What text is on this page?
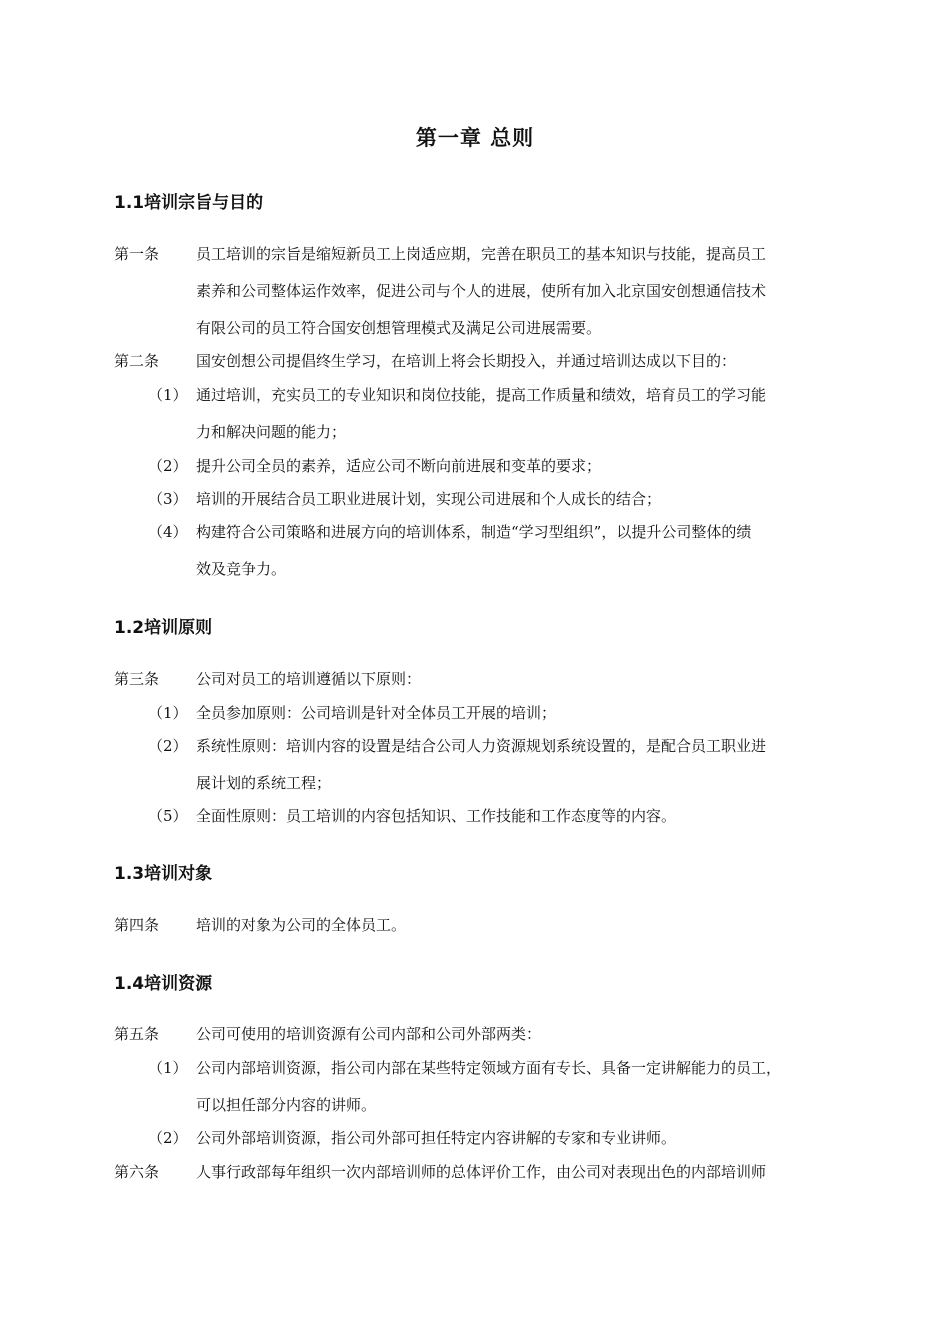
第一章 总则
1.1培训宗旨与目的
第一条 员工培训的宗旨是缩短新员工上岗适应期，完善在职员工的基本知识与技能，提高员工
素养和公司整体运作效率，促进公司与个人的进展，使所有加入北京国安创想通信技术
有限公司的员工符合国安创想管理模式及满足公司进展需要。
第二条 国安创想公司提倡终生学习，在培训上将会长期投入，并通过培训达成以下目的：
（1） 通过培训，充实员工的专业知识和岗位技能，提高工作质量和绩效，培育员工的学习能
力和解决问题的能力；
（2） 提升公司全员的素养，适应公司不断向前进展和变革的要求；
（3） 培训的开展结合员工职业进展计划，实现公司进展和个人成长的结合；
（4） 构建符合公司策略和进展方向的培训体系，制造“学习型组织”，以提升公司整体的绩
效及竞争力。
1.2培训原则
第三条 公司对员工的培训遵循以下原则：
（1） 全员参加原则：公司培训是针对全体员工开展的培训；
（2） 系统性原则：培训内容的设置是结合公司人力资源规划系统设置的，是配合员工职业进
展计划的系统工程；
（5） 全面性原则：员工培训的内容包括知识、工作技能和工作态度等的内容。
1.3培训对象
第四条 培训的对象为公司的全体员工。
1.4培训资源
第五条 公司可使用的培训资源有公司内部和公司外部两类：
（1） 公司内部培训资源，指公司内部在某些特定领域方面有专长、具备一定讲解能力的员工，
可以担任部分内容的讲师。
（2） 公司外部培训资源，指公司外部可担任特定内容讲解的专家和专业讲师。
第六条 人事行政部每年组织一次内部培训师的总体评价工作，由公司对表现出色的内部培训师
